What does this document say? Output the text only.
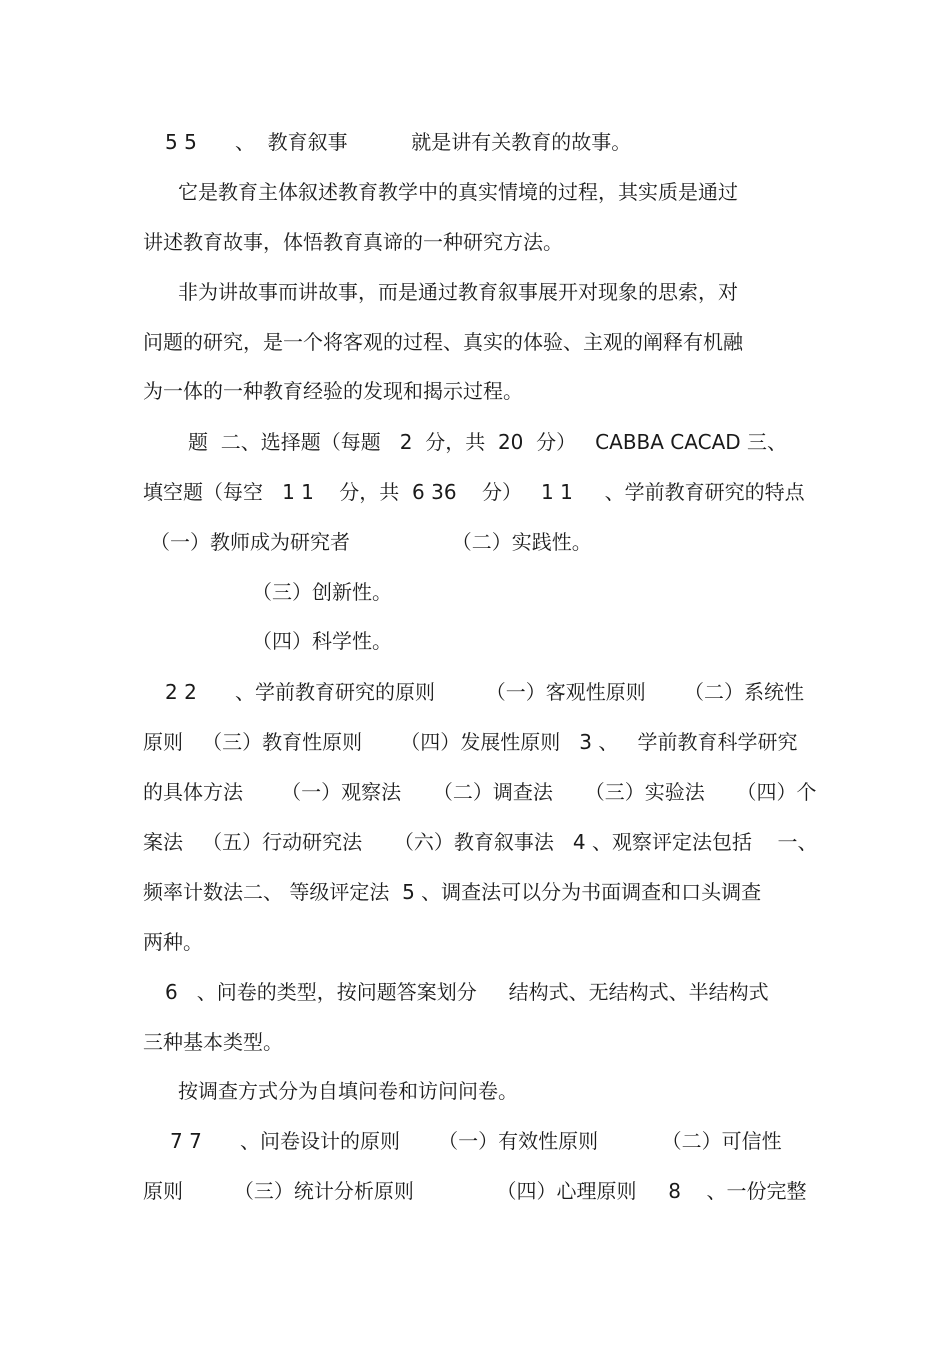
5 5      、  教育叙事          就是讲有关教育的故事。
它是教育主体叙述教育教学中的真实情境的过程，其实质是通过
讲述教育故事，体悟教育真谛的一种研究方法。
非为讲故事而讲故事，而是通过教育叙事展开对现象的思索，对
问题的研究，是一个将客观的过程、真实的体验、主观的阐释有机融
为一体的一种教育经验的发现和揭示过程。
题  二、选择题（每题   2  分，共  20  分）   CABBA CACAD 三、
填空题（每空   1 1    分，共  6 36    分）   1 1     、学前教育研究的特点
（一）教师成为研究者                （二）实践性。
（三）创新性。
（四）科学性。
2 2      、学前教育研究的原则        （一）客观性原则      （二）系统性
原则   （三）教育性原则      （四）发展性原则   3 、   学前教育科学研究
的具体方法      （一）观察法     （二）调查法     （三）实验法     （四）个
案法   （五）行动研究法     （六）教育叙事法   4 、观察评定法包括    一、
频率计数法二、 等级评定法  5 、调查法可以分为书面调查和口头调查
两种。
6   、问卷的类型，按问题答案划分     结构式、无结构式、半结构式
三种基本类型。
按调查方式分为自填问卷和访问问卷。
7 7      、问卷设计的原则      （一）有效性原则          （二）可信性
原则        （三）统计分析原则             （四）心理原则     8    、一份完整
